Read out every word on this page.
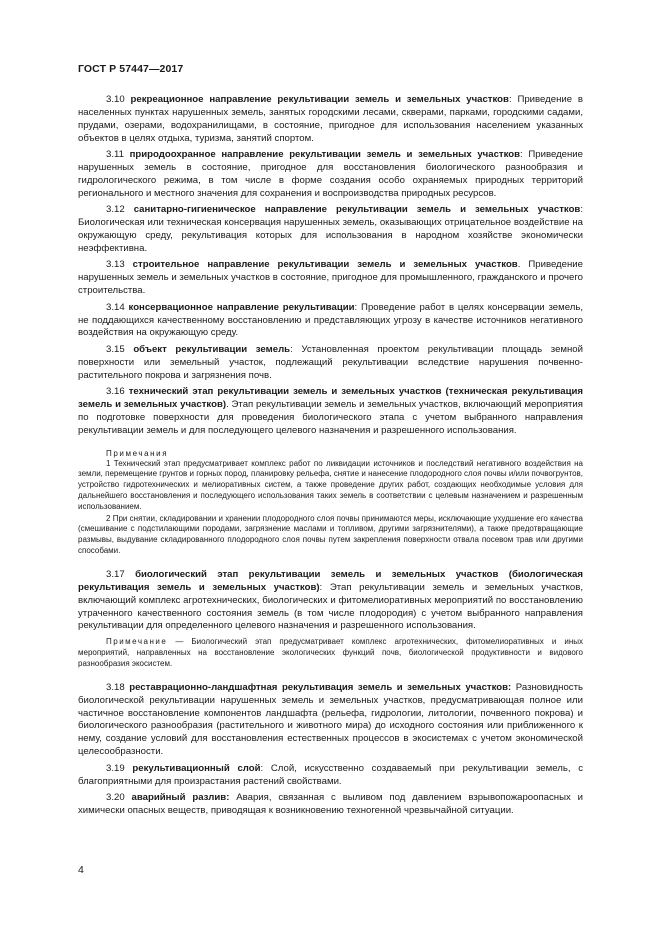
ГОСТ Р 57447—2017

3.10 рекреационное направление рекультивации земель и земельных участков: Приведение в населенных пунктах нарушенных земель, занятых городскими лесами, скверами, парками, городскими садами, прудами, озерами, водохранилищами, в состояние, пригодное для использования населением указанных объектов в целях отдыха, туризма, занятий спортом.

3.11 природоохранное направление рекультивации земель и земельных участков: Приведение нарушенных земель в состояние, пригодное для восстановления биологического разнообразия и гидрологического режима, в том числе в форме создания особо охраняемых природных территорий регионального и местного значения для сохранения и воспроизводства природных ресурсов.

3.12 санитарно-гигиеническое направление рекультивации земель и земельных участков: Биологическая или техническая консервация нарушенных земель, оказывающих отрицательное воздействие на окружающую среду, рекультивация которых для использования в народном хозяйстве экономически неэффективна.

3.13 строительное направление рекультивации земель и земельных участков. Приведение нарушенных земель и земельных участков в состояние, пригодное для промышленного, гражданского и прочего строительства.

3.14 консервационное направление рекультивации: Проведение работ в целях консервации земель, не поддающихся качественному восстановлению и представляющих угрозу в качестве источников негативного воздействия на окружающую среду.

3.15 объект рекультивации земель: Установленная проектом рекультивации площадь земной поверхности или земельный участок, подлежащий рекультивации вследствие нарушения почвенно-растительного покрова и загрязнения почв.

3.16 технический этап рекультивации земель и земельных участков (техническая рекультивация земель и земельных участков). Этап рекультивации земель и земельных участков, включающий мероприятия по подготовке поверхности для проведения биологического этапа с учетом выбранного направления рекультивации земель и для последующего целевого назначения и разрешенного использования.

Примечания

1 Технический этап предусматривает комплекс работ по ликвидации источников и последствий негативного воздействия на земли, перемещение грунтов и горных пород, планировку рельефа, снятие и нанесение плодородного слоя почвы и/или почвогрунтов, устройство гидротехнических и мелиоративных систем, а также проведение других работ, создающих необходимые условия для дальнейшего восстановления и последующего использования таких земель в соответствии с целевым назначением и разрешенным использованием.

2 При снятии, складировании и хранении плодородного слоя почвы принимаются меры, исключающие ухудшение его качества (смешивание с подстилающими породами, загрязнение маслами и топливом, другими загрязнителями), а также предотвращающие размывы, выдувание складированного плодородного слоя почвы путем закрепления поверхности отвала посевом трав или другими способами.

3.17 биологический этап рекультивации земель и земельных участков (биологическая рекультивация земель и земельных участков): Этап рекультивации земель и земельных участков, включающий комплекс агротехнических, биологических и фитомелиоративных мероприятий по восстановлению утраченного качественного состояния земель (в том числе плодородия) с учетом выбранного направления рекультивации для определенного целевого назначения и разрешенного использования.

Примечание — Биологический этап предусматривает комплекс агротехнических, фитомелиоративных и иных мероприятий, направленных на восстановление экологических функций почв, биологической продуктивности и видового разнообразия экосистем.

3.18 реставрационно-ландшафтная рекультивация земель и земельных участков: Разновидность биологической рекультивации нарушенных земель и земельных участков, предусматривающая полное или частичное восстановление компонентов ландшафта (рельефа, гидрологии, литологии, почвенного покрова) и биологического разнообразия (растительного и животного мира) до исходного состояния или приближенного к нему, создание условий для восстановления естественных процессов в экосистемах с учетом экономической целесообразности.

3.19 рекультивационный слой: Слой, искусственно создаваемый при рекультивации земель, с благоприятными для произрастания растений свойствами.

3.20 аварийный разлив: Авария, связанная с выливом под давлением взрывопожароопасных и химически опасных веществ, приводящая к возникновению техногенной чрезвычайной ситуации.

4
